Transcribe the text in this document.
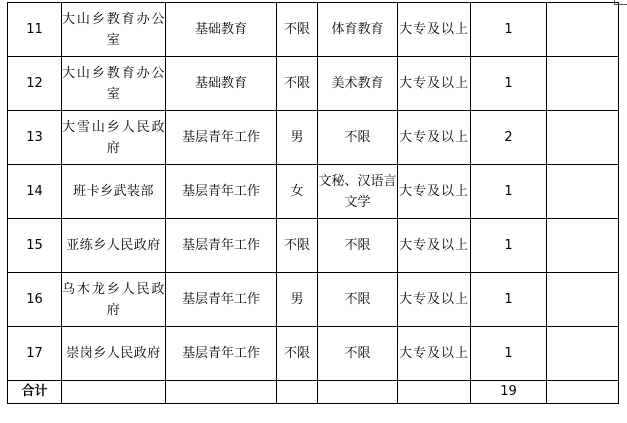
11	大山乡教育办公室	基础教育	不限	体育教育	大专及以上	1	
12	大山乡教育办公室	基础教育	不限	美术教育	大专及以上	1	
13	大雪山乡人民政府	基层青年工作	男	不限	大专及以上	2	
14	班卡乡武装部	基层青年工作	女	文秘、汉语言文学	大专及以上	1	
15	亚练乡人民政府	基层青年工作	不限	不限	大专及以上	1	
16	乌木龙乡人民政府	基层青年工作	男	不限	大专及以上	1	
17	崇岗乡人民政府	基层青年工作	不限	不限	大专及以上	1	
合计						19	
